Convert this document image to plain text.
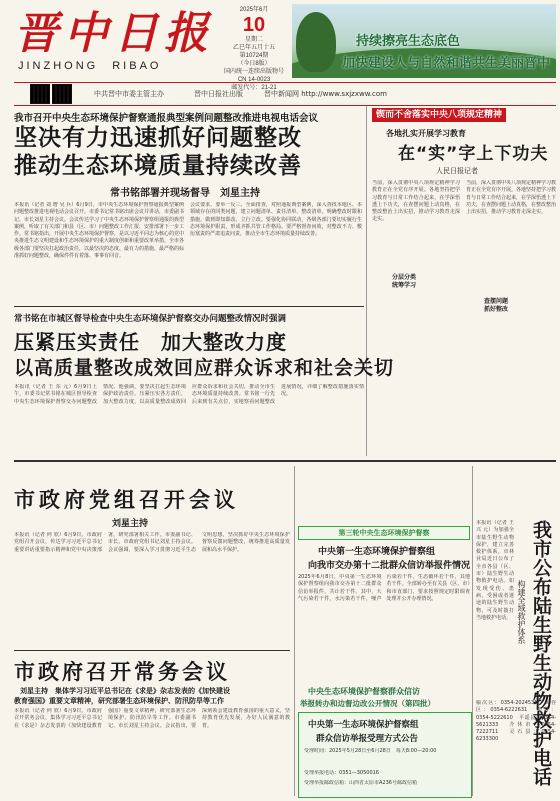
晋中日报
JINZHONG RIBAO
2025年6月
10
星期二
乙巳年五月十五
第10724期
（今日8版）
国内统一连续出版物号
CN 14-0023
邮发代号：21-21
持续擦亮生态底色
加快建设人与自然和谐共生美丽晋中
中共晋中市委主管主办	晋中日报社出版	晋中新闻网 http://www.sxjzxww.com
我市召开中央生态环境保护督察通报典型案例问题整改推进电视电话会议
坚决有力迅速抓好问题整改
推动生态环境质量持续改善
常书铭部署并现场督导　刘星主持
本报讯（记者 刘 增 吴 兵）6月9日，市中央生态环境保护督察通报典型案例问题整改推进电视电话会议召开。市委书记常书铭出席会议并讲话，市委副书记、市长刘星主持会议。会议传达学习了中央生态环境保护督察组通报的典型案例，听取了有关部门和县（区、市）问题整改工作汇报，安排部署下一步工作。常书铭指出，开展中央生态环境保护督察，是以习近平同志为核心的党中央推进生态文明建设和生态环境保护的重大制度创新和重要改革举措。全市各级各部门要坚决扛起政治责任，以最坚决的态度、最有力的措施、最严格的标准抓好问题整改，确保件件有着落、事事有回音。
会议要求，要举一反三、全面排查，对照通报典型案例，深入查找本地区、本领域存在的同类问题，建立问题清单、责任清单、整改清单，明确整改时限和措施，做到即知即改、立行立改。要强化协同联动，各级各部门要切实履行生态环境保护职责，形成齐抓共管工作格局。要严格督查问效，对整改不力、敷衍塞责的严肃追责问责，推动全市生态环境质量持续改善。
锲而不舍落实中央八项规定精神
各地扎实开展学习教育
在“实”字上下功夫
人民日报记者
当前，深入贯彻中央八项规定精神学习教育正在全党有序开展。各地坚持把学习教育与日常工作结合起来，在学深悟透上下功夫，在查摆问题上动真格，在整改整治上出实招，推动学习教育走深走实。
分层分类
统筹学习
当前，深入贯彻中央八项规定精神学习教育正在全党有序开展。各地坚持把学习教育与日常工作结合起来，在学深悟透上下功夫，在查摆问题上动真格，在整改整治上出实招，推动学习教育走深走实。
查摆问题
抓好整改
常书铭在市城区督导检查中央生态环境保护督察交办问题整改情况时强调
压紧压实责任　加大整改力度
以高质量整改成效回应群众诉求和社会关切
本报讯（记者 王 东 元）6月9日上午，市委书记常书铭在城区督导检查中央生态环境保护督察交办问题整改情况。他强调，要坚决扛起生态环境保护政治责任，压紧压实各方责任，加大整改力度，以高质量整改成效回应群众诉求和社会关切，推动全市生态环境质量持续改善。常书铭一行先后来到有关点位，实地察看问题整改进展情况，详细了解整改措施落实情况。
市政府党组召开会议
刘星主持
本报讯（记者 何 欣）6月9日，市政府党组召开会议，传达学习习近平总书记重要讲话重要指示精神和党中央决策部署，研究部署相关工作。市委副书记、市长、市政府党组书记刘星主持会议。会议强调，要深入学习贯彻习近平生态文明思想，坚决抓好中央生态环境保护督察反馈问题整改，统筹推进高质量发展和高水平保护。
市政府召开常务会议
刘星主持　集体学习习近平总书记在《求是》杂志发表的《加快建设
教育强国》重要文章精神，研究部署生态环境保护、防汛防旱等工作
本报讯（记者 何 欣）6月9日，市政府召开常务会议，集体学习习近平总书记在《求是》杂志发表的《加快建设教育强国》重要文章精神，研究部署生态环境保护、防汛防旱等工作。市委副书记、市长刘星主持会议。会议指出，要深刻领会建设教育强国的重大意义，坚持教育优先发展，办好人民满意的教育。
第三轮中央生态环境保护督察
中央第一生态环境保护督察组
向我市交办第十二批群众信访举报件情况
2025年6月8日，中央第一生态环境保护督察组向我市交办第十二批群众信访举报件，共计若干件。其中，大气污染若干件，水污染若干件，噪声污染若干件，生态破坏若干件，其他若干件。全部转办至有关县（区、市）和市直部门，要求按照规定时限调查处理并公开办理情况。
中央生态环境保护督察群众信访
举报转办和边督边改公开情况（第四批）
中央第一生态环境保护督察组
群众信访举报受理方式公告
受理时间：2025年5月28日至6月28日　每天8:00—20:00
受理举报电话：0351—3050016
受理举报邮政信箱：山西省太原市A236号邮政信箱	我市公布陆生野生动物救护电话
构建全域救护体系
本报讯（记者 王 兴 元）为加强全市陆生野生动物保护，建立完善救护体系，市林业局近日公布了全市各县（区、市）陆生野生动物救护电话。如发现受伤、患病、受困或者迷途的陆生野生动物，可及时拨打当地救护电话。
榆次区：0354-2024531　太谷区：0354-6222631　祁县：0354-5222610　平遥县：0354-5621333　介休市：0354-7222711　灵石县：0354-6233300
